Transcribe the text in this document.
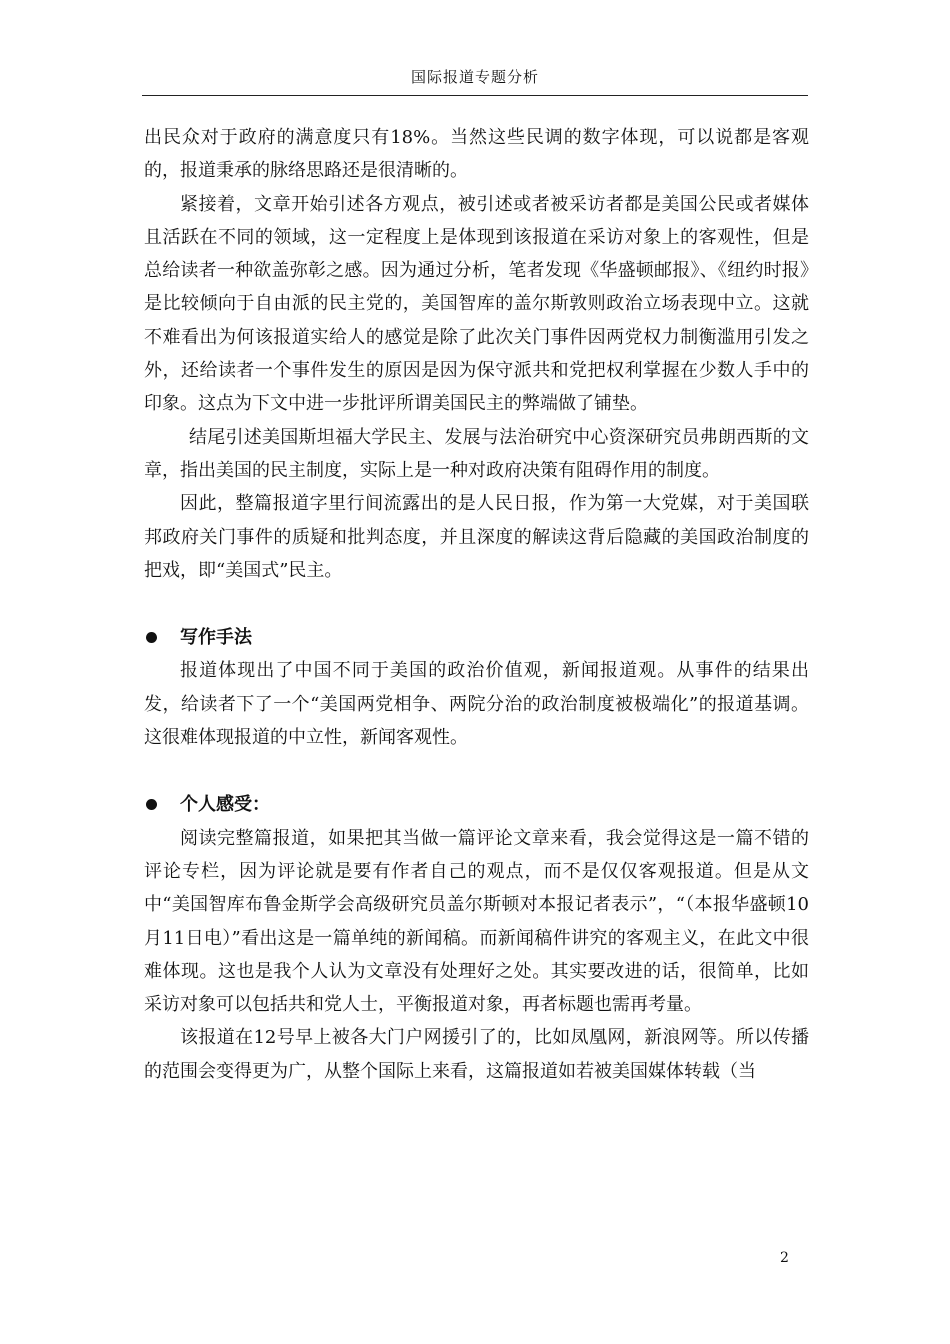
国际报道专题分析

出民众对于政府的满意度只有18%。当然这些民调的数字体现，可以说都是客观的，报道秉承的脉络思路还是很清晰的。

紧接着，文章开始引述各方观点，被引述或者被采访者都是美国公民或者媒体且活跃在不同的领域，这一定程度上是体现到该报道在采访对象上的客观性，但是总给读者一种欲盖弥彰之感。因为通过分析，笔者发现《华盛顿邮报》、《纽约时报》是比较倾向于自由派的民主党的，美国智库的盖尔斯敦则政治立场表现中立。这就不难看出为何该报道实给人的感觉是除了此次关门事件因两党权力制衡滥用引发之外，还给读者一个事件发生的原因是因为保守派共和党把权利掌握在少数人手中的印象。这点为下文中进一步批评所谓美国民主的弊端做了铺垫。

结尾引述美国斯坦福大学民主、发展与法治研究中心资深研究员弗朗西斯的文章，指出美国的民主制度，实际上是一种对政府决策有阻碍作用的制度。

因此，整篇报道字里行间流露出的是人民日报，作为第一大党媒，对于美国联邦政府关门事件的质疑和批判态度，并且深度的解读这背后隐藏的美国政治制度的把戏，即“美国式”民主。

写作手法

报道体现出了中国不同于美国的政治价值观，新闻报道观。从事件的结果出发，给读者下了一个“美国两党相争、两院分治的政治制度被极端化”的报道基调。这很难体现报道的中立性，新闻客观性。

个人感受：

阅读完整篇报道，如果把其当做一篇评论文章来看，我会觉得这是一篇不错的评论专栏，因为评论就是要有作者自己的观点，而不是仅仅客观报道。但是从文中“美国智库布鲁金斯学会高级研究员盖尔斯顿对本报记者表示”，“（本报华盛顿10月11日电）”看出这是一篇单纯的新闻稿。而新闻稿件讲究的客观主义，在此文中很难体现。这也是我个人认为文章没有处理好之处。其实要改进的话，很简单，比如采访对象可以包括共和党人士，平衡报道对象，再者标题也需再考量。

该报道在12号早上被各大门户网援引了的，比如凤凰网，新浪网等。所以传播的范围会变得更为广，从整个国际上来看，这篇报道如若被美国媒体转载（当

2
